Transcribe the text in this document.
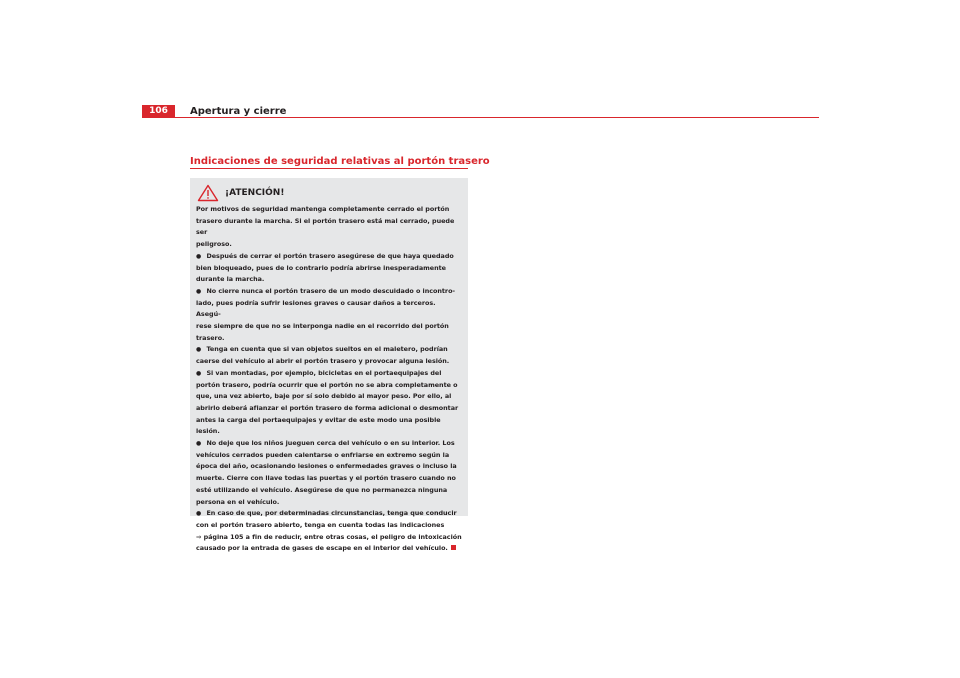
106	Apertura y cierre
Indicaciones de seguridad relativas al portón trasero
¡ATENCIÓN!

Por motivos de seguridad mantenga completamente cerrado el portón
trasero durante la marcha. Si el portón trasero está mal cerrado, puede ser
peligroso.

● Después de cerrar el portón trasero asegúrese de que haya quedado
bien bloqueado, pues de lo contrario podría abrirse inesperadamente
durante la marcha.

● No cierre nunca el portón trasero de un modo descuidado o incontro-
lado, pues podría sufrir lesiones graves o causar daños a terceros. Asegú-
rese siempre de que no se interponga nadie en el recorrido del portón
trasero.

● Tenga en cuenta que si van objetos sueltos en el maletero, podrían
caerse del vehículo al abrir el portón trasero y provocar alguna lesión.

● Si van montadas, por ejemplo, bicicletas en el portaequipajes del
portón trasero, podría ocurrir que el portón no se abra completamente o
que, una vez abierto, baje por sí solo debido al mayor peso. Por ello, al
abrirlo deberá afianzar el portón trasero de forma adicional o desmontar
antes la carga del portaequipajes y evitar de este modo una posible lesión.

● No deje que los niños jueguen cerca del vehículo o en su interior. Los
vehículos cerrados pueden calentarse o enfriarse en extremo según la
época del año, ocasionando lesiones o enfermedades graves o incluso la
muerte. Cierre con llave todas las puertas y el portón trasero cuando no
esté utilizando el vehículo. Asegúrese de que no permanezca ninguna
persona en el vehículo.

● En caso de que, por determinadas circunstancias, tenga que conducir
con el portón trasero abierto, tenga en cuenta todas las indicaciones
⇒ página 105 a fin de reducir, entre otras cosas, el peligro de intoxicación
causado por la entrada de gases de escape en el interior del vehículo.
